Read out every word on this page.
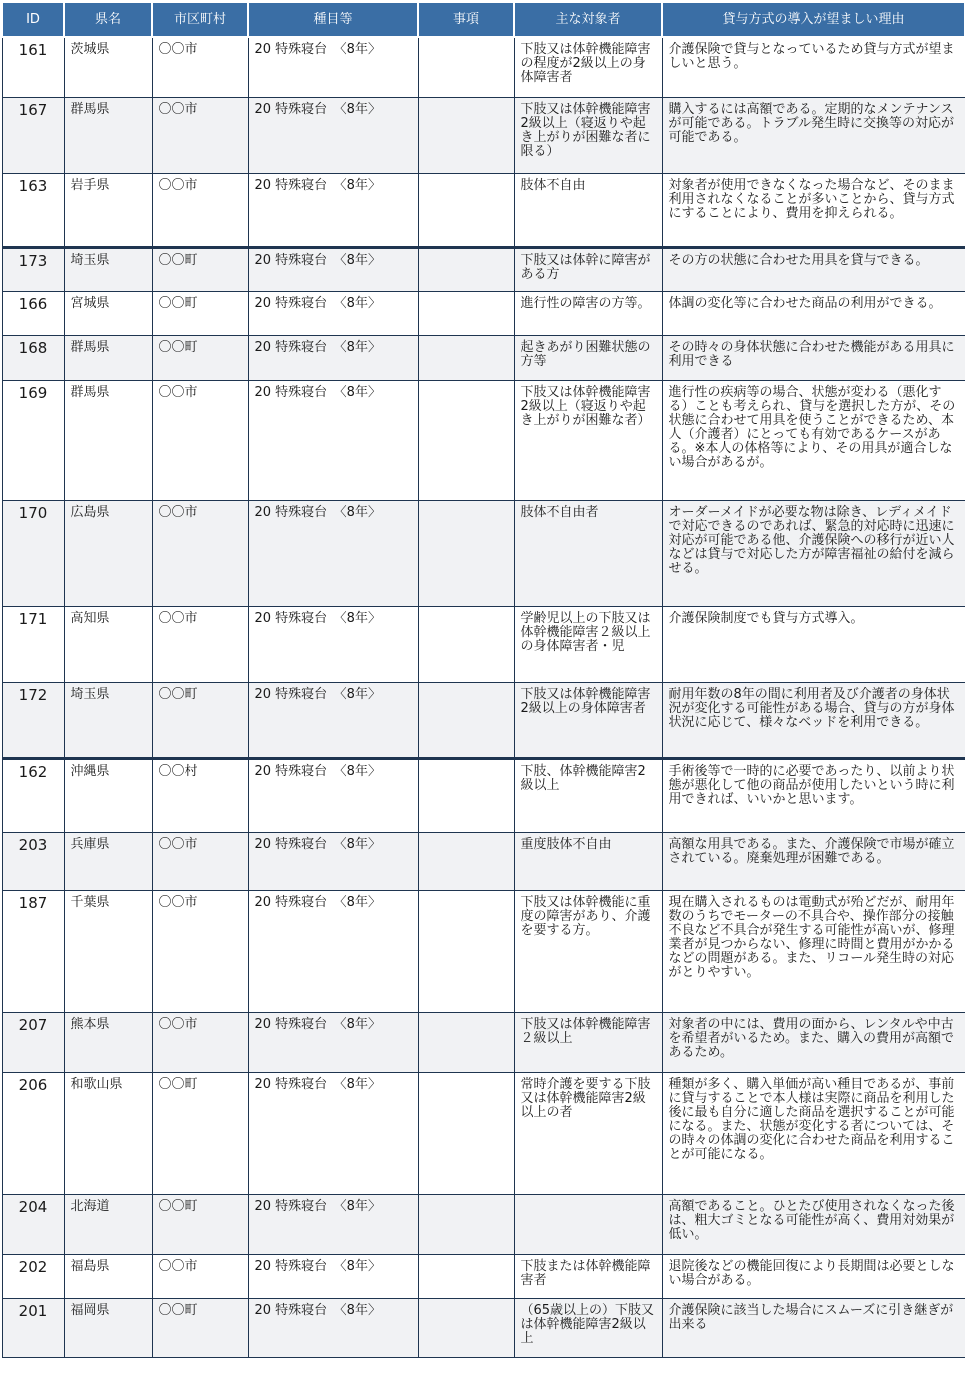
ID	県名	市区町村	種目等	事項	主な対象者	貸与方式の導入が望ましい理由
161	茨城県	〇〇市	20 特殊寝台　〈8年〉		下肢又は体幹機能障害の程度が2級以上の身体障害者	介護保険で貸与となっているため貸与方式が望ましいと思う。
167	群馬県	〇〇市	20 特殊寝台　〈8年〉		下肢又は体幹機能障害2級以上（寝返りや起き上がりが困難な者に限る）	購入するには高額である。定期的なメンテナンスが可能である。トラブル発生時に交換等の対応が可能である。
163	岩手県	〇〇市	20 特殊寝台　〈8年〉		肢体不自由	対象者が使用できなくなった場合など、そのまま利用されなくなることが多いことから、貸与方式にすることにより、費用を抑えられる。
173	埼玉県	〇〇町	20 特殊寝台　〈8年〉		下肢又は体幹に障害がある方	その方の状態に合わせた用具を貸与できる。
166	宮城県	〇〇町	20 特殊寝台　〈8年〉		進行性の障害の方等。	体調の変化等に合わせた商品の利用ができる。
168	群馬県	〇〇町	20 特殊寝台　〈8年〉		起きあがり困難状態の方等	その時々の身体状態に合わせた機能がある用具に利用できる
169	群馬県	〇〇市	20 特殊寝台　〈8年〉		下肢又は体幹機能障害2級以上（寝返りや起き上がりが困難な者）	進行性の疾病等の場合、状態が変わる（悪化する）ことも考えられ、貸与を選択した方が、その状態に合わせて用具を使うことができるため、本人（介護者）にとっても有効であるケースがある。※本人の体格等により、その用具が適合しない場合があるが。
170	広島県	〇〇市	20 特殊寝台　〈8年〉		肢体不自由者	オーダーメイドが必要な物は除き、レディメイドで対応できるのであれば、緊急的対応時に迅速に対応が可能である他、介護保険への移行が近い人などは貸与で対応した方が障害福祉の給付を減らせる。
171	高知県	〇〇市	20 特殊寝台　〈8年〉		学齢児以上の下肢又は体幹機能障害２級以上の身体障害者・児	介護保険制度でも貸与方式導入。
172	埼玉県	〇〇町	20 特殊寝台　〈8年〉		下肢又は体幹機能障害2級以上の身体障害者	耐用年数の8年の間に利用者及び介護者の身体状況が変化する可能性がある場合、貸与の方が身体状況に応じて、様々なベッドを利用できる。
162	沖縄県	〇〇村	20 特殊寝台　〈8年〉		下肢、体幹機能障害2級以上	手術後等で一時的に必要であったり、以前より状態が悪化して他の商品が使用したいという時に利用できれば、いいかと思います。
203	兵庫県	〇〇市	20 特殊寝台　〈8年〉		重度肢体不自由	高額な用具である。また、介護保険で市場が確立されている。廃棄処理が困難である。
187	千葉県	〇〇市	20 特殊寝台　〈8年〉		下肢又は体幹機能に重度の障害があり、介護を要する方。	現在購入されるものは電動式が殆どだが、耐用年数のうちでモーターの不具合や、操作部分の接触不良など不具合が発生する可能性が高いが、修理業者が見つからない、修理に時間と費用がかかるなどの問題がある。また、リコール発生時の対応がとりやすい。
207	熊本県	〇〇市	20 特殊寝台　〈8年〉		下肢又は体幹機能障害２級以上	対象者の中には、費用の面から、レンタルや中古を希望者がいるため。また、購入の費用が高額であるため。
206	和歌山県	〇〇町	20 特殊寝台　〈8年〉		常時介護を要する下肢又は体幹機能障害2級以上の者	種類が多く、購入単価が高い種目であるが、事前に貸与することで本人様は実際に商品を利用した後に最も自分に適した商品を選択することが可能になる。また、状態が変化する者については、その時々の体調の変化に合わせた商品を利用することが可能になる。
204	北海道	〇〇町	20 特殊寝台　〈8年〉			高額であること。ひとたび使用されなくなった後は、粗大ゴミとなる可能性が高く、費用対効果が低い。
202	福島県	〇〇市	20 特殊寝台　〈8年〉		下肢または体幹機能障害者	退院後などの機能回復により長期間は必要としない場合がある。
201	福岡県	〇〇町	20 特殊寝台　〈8年〉		（65歳以上の）下肢又は体幹機能障害2級以上	介護保険に該当した場合にスムーズに引き継ぎが出来る
